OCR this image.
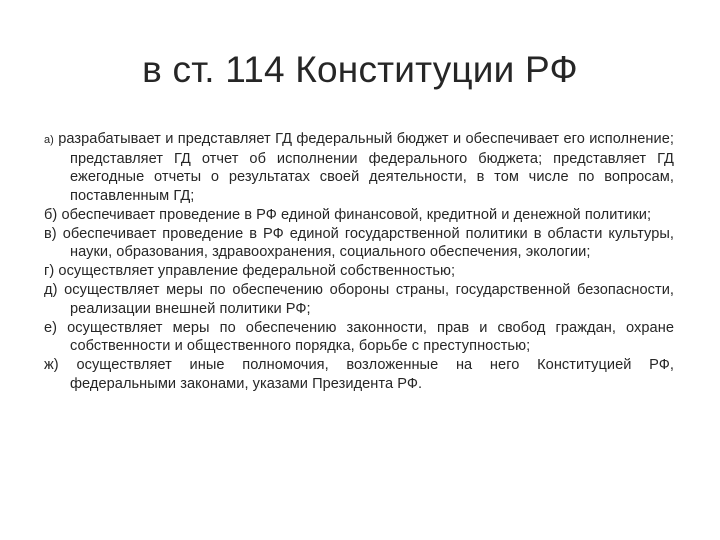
в ст. 114 Конституции РФ

а) разрабатывает и представляет ГД федеральный бюджет и обеспечивает его исполнение; представляет ГД отчет об исполнении федерального бюджета; представляет ГД ежегодные отчеты о результатах своей деятельности, в том числе по вопросам, поставленным ГД;

б) обеспечивает проведение в РФ единой финансовой, кредитной и денежной политики;

в) обеспечивает проведение в РФ единой государственной политики в области культуры, науки, образования, здравоохранения, социального обеспечения, экологии;

г) осуществляет управление федеральной собственностью;

д) осуществляет меры по обеспечению обороны страны, государственной безопасности, реализации внешней политики РФ;

е) осуществляет меры по обеспечению законности, прав и свобод граждан, охране собственности и общественного порядка, борьбе с преступностью;

ж) осуществляет иные полномочия, возложенные на него Конституцией РФ, федеральными законами, указами Президента РФ.
